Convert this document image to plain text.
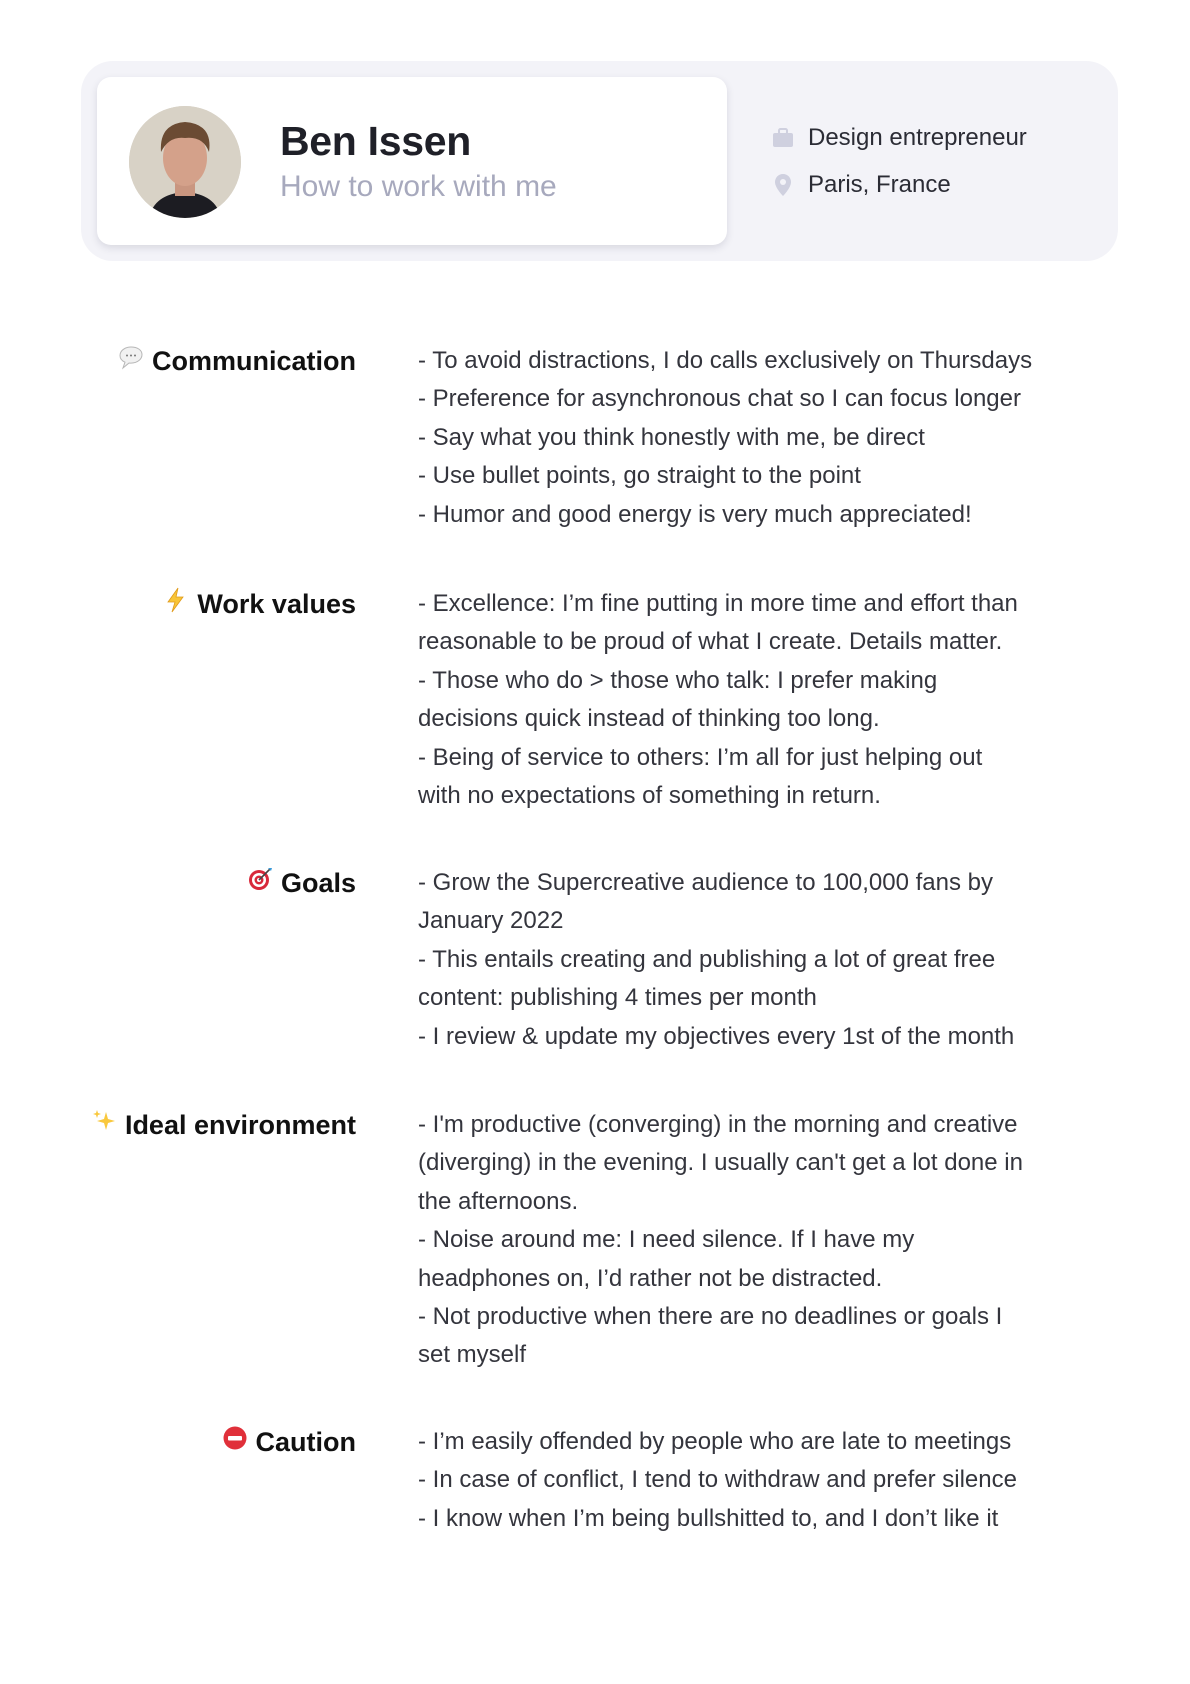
Ben Issen
How to work with me
Design entrepreneur
Paris, France
Communication	- To avoid distractions, I do calls exclusively on Thursdays
- Preference for asynchronous chat so I can focus longer
- Say what you think honestly with me, be direct
- Use bullet points, go straight to the point
- Humor and good energy is very much appreciated!
Work values	- Excellence: I’m fine putting in more time and effort than
reasonable to be proud of what I create. Details matter.
- Those who do > those who talk: I prefer making
decisions quick instead of thinking too long.
- Being of service to others: I’m all for just helping out
with no expectations of something in return.
Goals	- Grow the Supercreative audience to 100,000 fans by
January 2022
- This entails creating and publishing a lot of great free
content: publishing 4 times per month
- I review & update my objectives every 1st of the month
Ideal environment	- I'm productive (converging) in the morning and creative
(diverging) in the evening. I usually can't get a lot done in
the afternoons.
- Noise around me: I need silence. If I have my
headphones on, I’d rather not be distracted.
- Not productive when there are no deadlines or goals I
set myself
Caution	- I’m easily offended by people who are late to meetings
- In case of conflict, I tend to withdraw and prefer silence
- I know when I’m being bullshitted to, and I don’t like it
